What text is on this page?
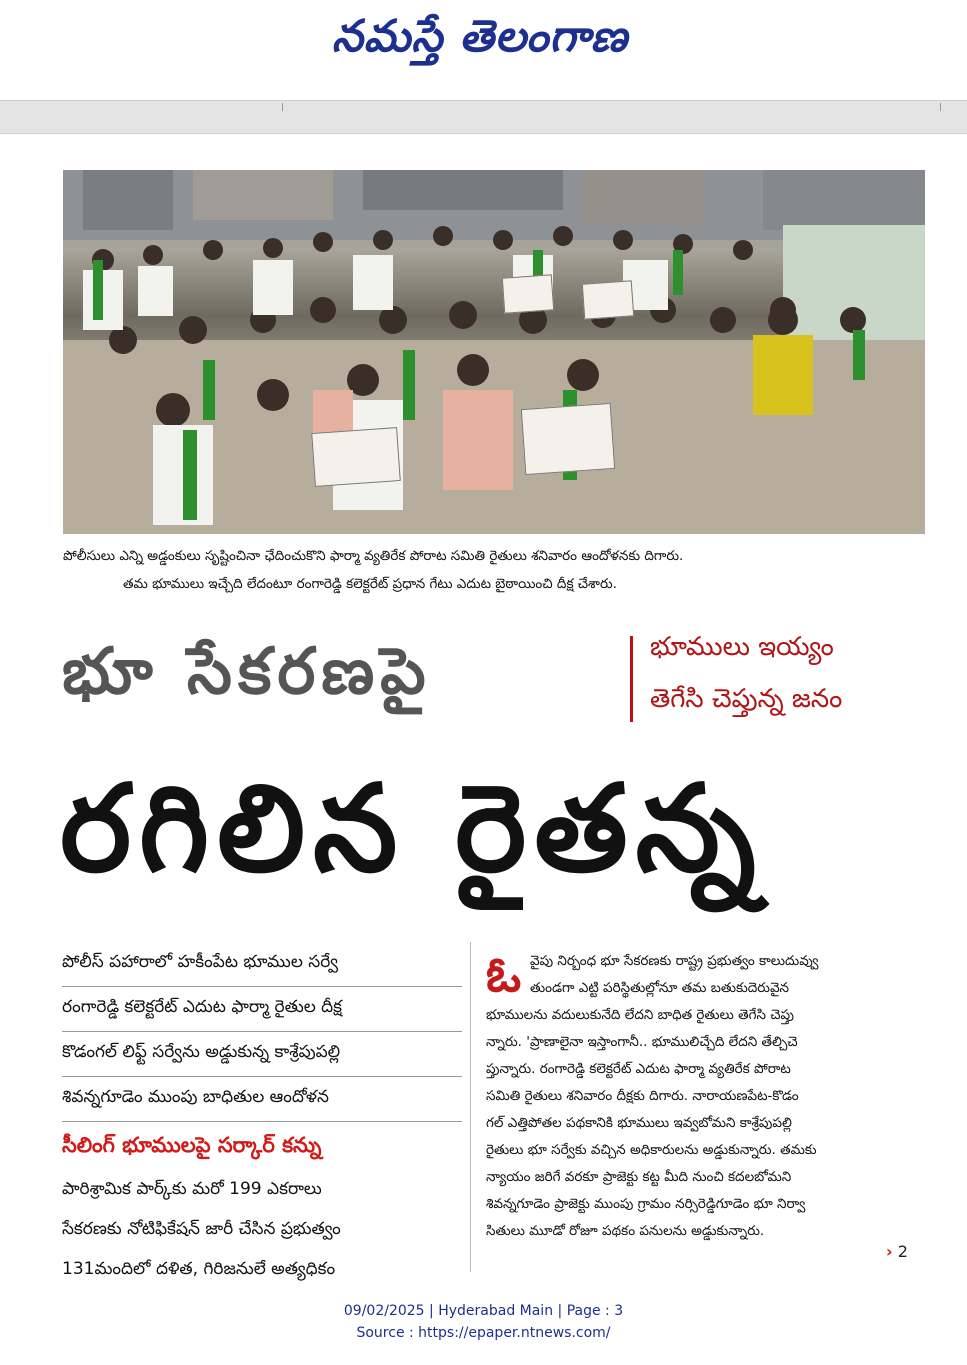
నమస్తే తెలంగాణ
పోలీసులు ఎన్ని అడ్డంకులు సృష్టించినా ఛేదించుకొని ఫార్మా వ్యతిరేక పోరాట సమితి రైతులు శనివారం ఆందోళనకు దిగారు.
తమ భూములు ఇచ్చేది లేదంటూ రంగారెడ్డి కలెక్టరేట్ ప్రధాన గేటు ఎదుట బైఠాయించి దీక్ష చేశారు.
భూ సేకరణపై	భూములు ఇయ్యం
తెగేసి చెప్తున్న జనం
రగిలిన రైతన్న
పోలీస్ పహారాలో హకీంపేట భూముల సర్వే
రంగారెడ్డి కలెక్టరేట్ ఎదుట ఫార్మా రైతుల దీక్ష
కొడంగల్ లిఫ్ట్ సర్వేను అడ్డుకున్న కాశ్రేపుపల్లి
శివన్నగూడెం ముంపు బాధితుల ఆందోళన
సీలింగ్ భూములపై సర్కార్ కన్ను
పారిశ్రామిక పార్క్‌కు మరో 199 ఎకరాలు
సేకరణకు నోటిఫికేషన్ జారీ చేసిన ప్రభుత్వం
131మందిలో దళిత, గిరిజనులే అత్యధికం
ఓ వైపు నిర్బంధ భూ సేకరణకు రాష్ట్ర ప్రభుత్వం కాలుదువ్వు
తుండగా ఎట్టి పరిస్థితుల్లోనూ తమ బతుకుదెరువైన
భూములను వదులుకునేది లేదని బాధిత రైతులు తెగేసి చెప్తు
న్నారు. 'ప్రాణాలైనా ఇస్తాంగానీ.. భూములిచ్చేది లేదని తేల్చిచె
ప్తున్నారు. రంగారెడ్డి కలెక్టరేట్ ఎదుట ఫార్మా వ్యతిరేక పోరాట
సమితి రైతులు శనివారం దీక్షకు దిగారు. నారాయణపేట-కొడం
గల్ ఎత్తిపోతల పథకానికి భూములు ఇవ్వబోమని కాశ్రేపుపల్లి
రైతులు భూ సర్వేకు వచ్చిన అధికారులను అడ్డుకున్నారు. తమకు
న్యాయం జరిగే వరకూ ప్రాజెక్టు కట్ట మీది నుంచి కదలబోమని
శివన్నగూడెం ప్రాజెక్టు ముంపు గ్రామం నర్సిరెడ్డిగూడెం భూ నిర్వా
సితులు మూడో రోజూ పథకం పనులను అడ్డుకున్నారు.
› 2
09/02/2025 | Hyderabad Main | Page : 3
Source : https://epaper.ntnews.com/
